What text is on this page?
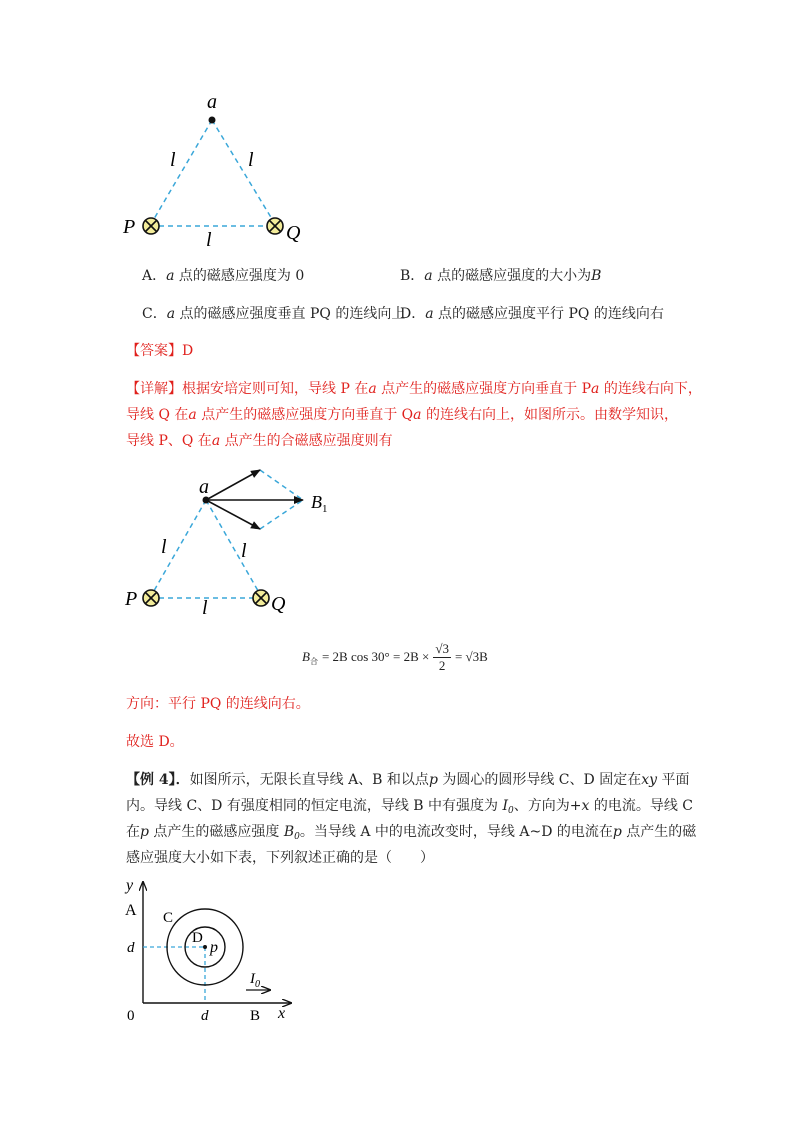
a
l	l
l
P	Q
A．a 点的磁感应强度为 0	B．a 点的磁感应强度的大小为B
C．a 点的磁感应强度垂直 PQ 的连线向上
D．a 点的磁感应强度平行 PQ 的连线向右
【答案】D
【详解】根据安培定则可知，导线 P 在a 点产生的磁感应强度方向垂直于 Pa 的连线右向下，
导线 Q 在a 点产生的磁感应强度方向垂直于 Qa 的连线右向上，如图所示。由数学知识，
导线 P、Q 在a 点产生的合磁感应强度则有
a
$B_1$
l	l
l
P	Q
B 合 = 2B $\cos 30^\circ = 2B \times \frac{√3}{2} = √3B$
方向：平行 PQ 的连线向右。
故选 D。
【例 4】．如图所示，无限长直导线 A、B 和以点p 为圆心的圆形导线 C、D 固定在xy 平面
内。导线 C、D 有强度相同的恒定电流，导线 B 中有强度为 $I_0$、方向为+x 的电流。导线 C
在p 点产生的磁感应强度 $B_0$。当导线 A 中的电流改变时，导线 A~D 的电流在p 点产生的磁
感应强度大小如下表，下列叙述正确的是（　　）
y
A C
d
D
p
$I_0$
0	d	B x
